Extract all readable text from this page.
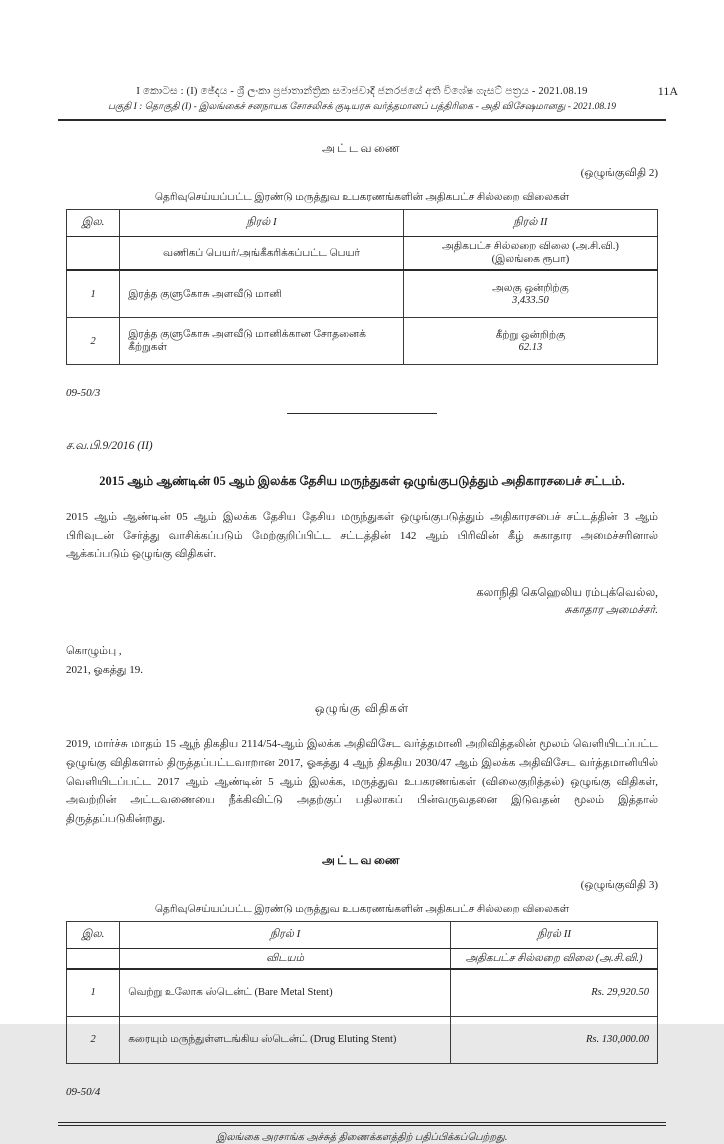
I කොටස : (I) ඡේදය - ශ්‍රී ලංකා ප්‍රජාතාන්ත්‍රික සමාජවාදී ජනරජයේ අති විශේෂ ගැසට් පත්‍රය - 2021.08.19	11A
பகுதி I : தொகுதி (I) - இலங்கைச் சனநாயக சோசலிசக் குடியரசு வர்த்தமானப் பத்திரிகை - அதி விசேஷமானது - 2021.08.19
அட்டவணை
(ஒழுங்குவிதி 2)
தெரிவுசெய்யப்பட்ட இரண்டு மருத்துவ உபகரணங்களின் அதிகபட்ச சில்லறை விலைகள்
இல.	நிரல் I	நிரல் II
	வணிகப் பெயர்/அங்கீகரிக்கப்பட்ட பெயர்	அதிகபட்ச சில்லறை விலை (அ.சி.வி.)
(இலங்கை ரூபா)

1	இரத்த குளுகோசு அளவீடு மானி	அலகு ஒன்றிற்கு
3,433.50

2	இரத்த குளுகோசு அளவீடு மானிக்கான சோதனைக் கீற்றுகள்	கீற்று ஒன்றிற்கு
62.13
09-50/3
ச.வ.பி.9/2016 (II)
2015 ஆம் ஆண்டின் 05 ஆம் இலக்க தேசிய மருந்துகள் ஒழுங்குபடுத்தும் அதிகாரசபைச் சட்டம்.
2015 ஆம் ஆண்டின் 05 ஆம் இலக்க தேசிய தேசிய மருந்துகள் ஒழுங்குபடுத்தும் அதிகாரசபைச் சட்டத்தின் 3 ஆம் பிரிவுடன் சேர்த்து வாசிக்கப்படும் மேற்குறிப்பிட்ட சட்டத்தின் 142 ஆம் பிரிவின் கீழ் சுகாதார அமைச்சரினால் ஆக்கப்படும் ஒழுங்கு விதிகள்.
கலாநிதி கெஹெலிய ரம்புக்வெல்ல,
சுகாதார அமைச்சர்.
கொழும்பு ,
2021, ஓகத்து 19.
ஒழுங்கு விதிகள்
2019, மார்ச்சு மாதம் 15 ஆந் திகதிய 2114/54-ஆம் இலக்க அதிவிசேட வர்த்தமானி அறிவித்தலின் மூலம் வெளியிடப்பட்ட ஒழுங்கு விதிகளால் திருத்தப்பட்டவாறான 2017, ஓகத்து 4 ஆந் திகதிய 2030/47 ஆம் இலக்க அதிவிசேட வர்த்தமானியில் வெளியிடப்பட்ட 2017 ஆம் ஆண்டின் 5 ஆம் இலக்க, மருத்துவ உபகரணங்கள் (விலைகுறித்தல்) ஒழுங்கு விதிகள், அவற்றின் அட்டவணையை நீக்கிவிட்டு அதற்குப் பதிலாகப் பின்வருவதனை இடுவதன் மூலம் இத்தால் திருத்தப்படுகின்றது.
அட்டவணை
(ஒழுங்குவிதி 3)
தெரிவுசெய்யப்பட்ட இரண்டு மருத்துவ உபகரணங்களின் அதிகபட்ச சில்லறை விலைகள்
இல.	நிரல் I	நிரல் II
	விடயம்	அதிகபட்ச சில்லறை விலை (அ.சி.வி.)
1	வெற்று உலோக ஸ்டென்ட் (Bare Metal Stent)	Rs. 29,920.50
2	கரையும் மருந்துள்ளடங்கிய ஸ்டென்ட் (Drug Eluting Stent)	Rs. 130,000.00
09-50/4
இலங்கை அரசாங்க அச்சுத் திணைக்களத்திற் பதிப்பிக்கப்பெற்றது.
